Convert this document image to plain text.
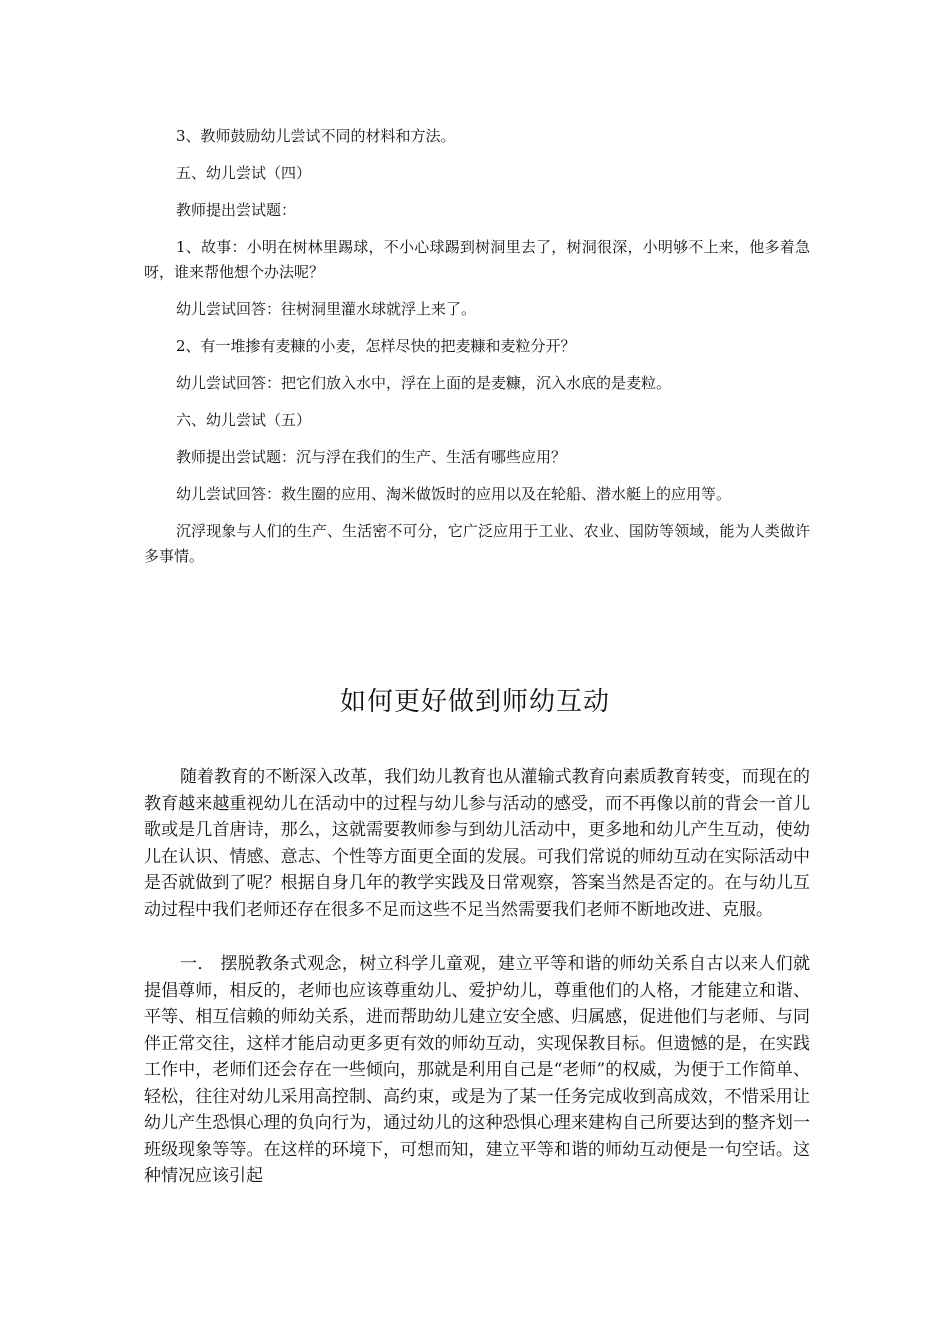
3、教师鼓励幼儿尝试不同的材料和方法。

五、幼儿尝试（四）

教师提出尝试题：

1、故事：小明在树林里踢球，不小心球踢到树洞里去了，树洞很深，小明够不上来，他多着急呀，谁来帮他想个办法呢？

幼儿尝试回答：往树洞里灌水球就浮上来了。

2、有一堆掺有麦糠的小麦，怎样尽快的把麦糠和麦粒分开？

幼儿尝试回答：把它们放入水中，浮在上面的是麦糠，沉入水底的是麦粒。

六、幼儿尝试（五）

教师提出尝试题：沉与浮在我们的生产、生活有哪些应用？

幼儿尝试回答：救生圈的应用、淘米做饭时的应用以及在轮船、潜水艇上的应用等。

沉浮现象与人们的生产、生活密不可分，它广泛应用于工业、农业、国防等领域，能为人类做许多事情。

如何更好做到师幼互动

随着教育的不断深入改革，我们幼儿教育也从灌输式教育向素质教育转变，而现在的教育越来越重视幼儿在活动中的过程与幼儿参与活动的感受，而不再像以前的背会一首儿歌或是几首唐诗，那么，这就需要教师参与到幼儿活动中，更多地和幼儿产生互动，使幼儿在认识、情感、意志、个性等方面更全面的发展。可我们常说的师幼互动在实际活动中是否就做到了呢？根据自身几年的教学实践及日常观察，答案当然是否定的。在与幼儿互动过程中我们老师还存在很多不足而这些不足当然需要我们老师不断地改进、克服。

一． 摆脱教条式观念，树立科学儿童观，建立平等和谐的师幼关系自古以来人们就提倡尊师，相反的，老师也应该尊重幼儿、爱护幼儿，尊重他们的人格，才能建立和谐、平等、相互信赖的师幼关系，进而帮助幼儿建立安全感、归属感，促进他们与老师、与同伴正常交往，这样才能启动更多更有效的师幼互动，实现保教目标。但遗憾的是，在实践工作中，老师们还会存在一些倾向，那就是利用自己是“老师”的权威，为便于工作简单、轻松，往往对幼儿采用高控制、高约束，或是为了某一任务完成收到高成效，不惜采用让幼儿产生恐惧心理的负向行为，通过幼儿的这种恐惧心理来建构自己所要达到的整齐划一班级现象等等。在这样的环境下，可想而知，建立平等和谐的师幼互动便是一句空话。这种情况应该引起
